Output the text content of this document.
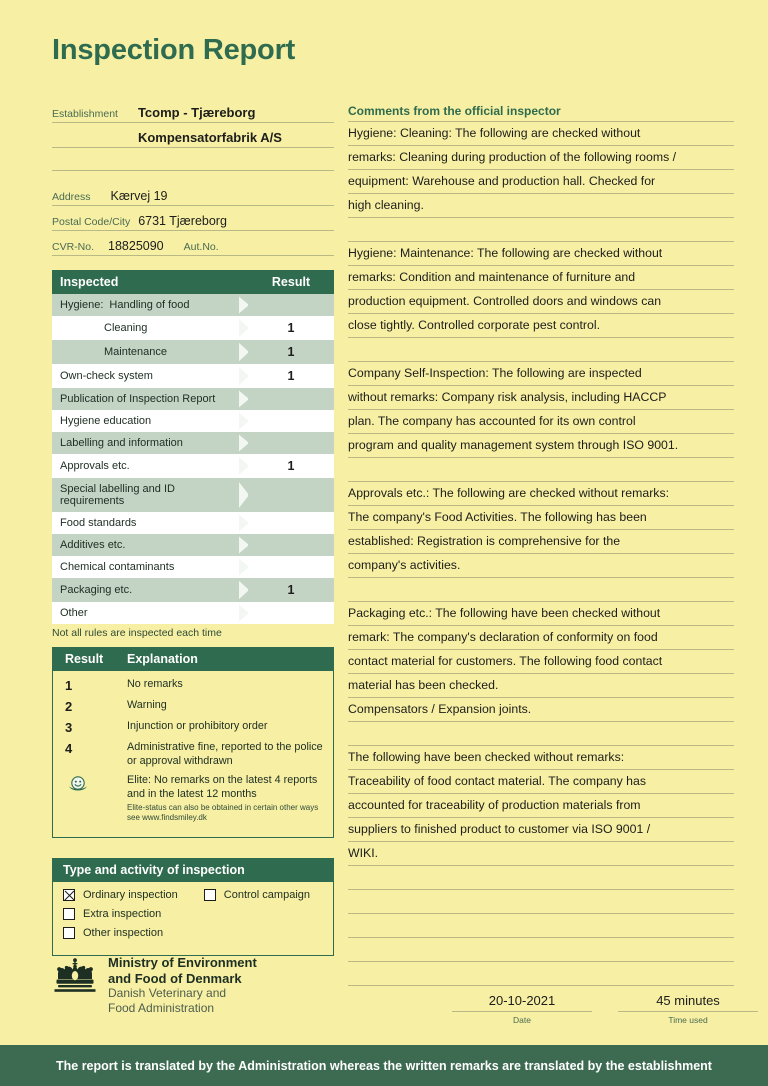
Inspection Report
Establishment Tcomp - Tjæreborg
Kompensatorfabrik A/S
Address Kærvej 19
Postal Code/City 6731 Tjæreborg
CVR-No. 18825090 Aut.No.
Inspected	Result
Hygiene: Handling of food	
Cleaning	1
Maintenance	1
Own-check system	1
Publication of Inspection Report	
Hygiene education	
Labelling and information	
Approvals etc.	1
Special labelling and ID requirements	
Food standards	
Additives etc.	
Chemical contaminants	
Packaging etc.	1
Other	
Not all rules are inspected each time
Result	Explanation
1	No remarks
2	Warning
3	Injunction or prohibitory order
4	Administrative fine, reported to the police or approval withdrawn
Elite: No remarks on the latest 4 reports and in the latest 12 months
Elite-status can also be obtained in certain other ways see www.findsmiley.dk
Type and activity of inspection
Ordinary inspection	Control campaign
Extra inspection
Other inspection
Comments from the official inspector
Hygiene: Cleaning: The following are checked without
remarks: Cleaning during production of the following rooms /
equipment: Warehouse and production hall. Checked for
high cleaning.
Hygiene: Maintenance: The following are checked without
remarks: Condition and maintenance of furniture and
production equipment. Controlled doors and windows can
close tightly. Controlled corporate pest control.
Company Self-Inspection: The following are inspected
without remarks: Company risk analysis, including HACCP
plan. The company has accounted for its own control
program and quality management system through ISO 9001.
Approvals etc.: The following are checked without remarks:
The company's Food Activities. The following has been
established: Registration is comprehensive for the
company's activities.
Packaging etc.: The following have been checked without
remark: The company's declaration of conformity on food
contact material for customers. The following food contact
material has been checked.
Compensators / Expansion joints.
The following have been checked without remarks:
Traceability of food contact material. The company has
accounted for traceability of production materials from
suppliers to finished product to customer via ISO 9001 /
WIKI.
Ministry of Environment
and Food of Denmark
Danish Veterinary and
Food Administration	20-10-2021
Date
45 minutes
Time used
The report is translated by the Administration whereas the written remarks are translated by the establishment
